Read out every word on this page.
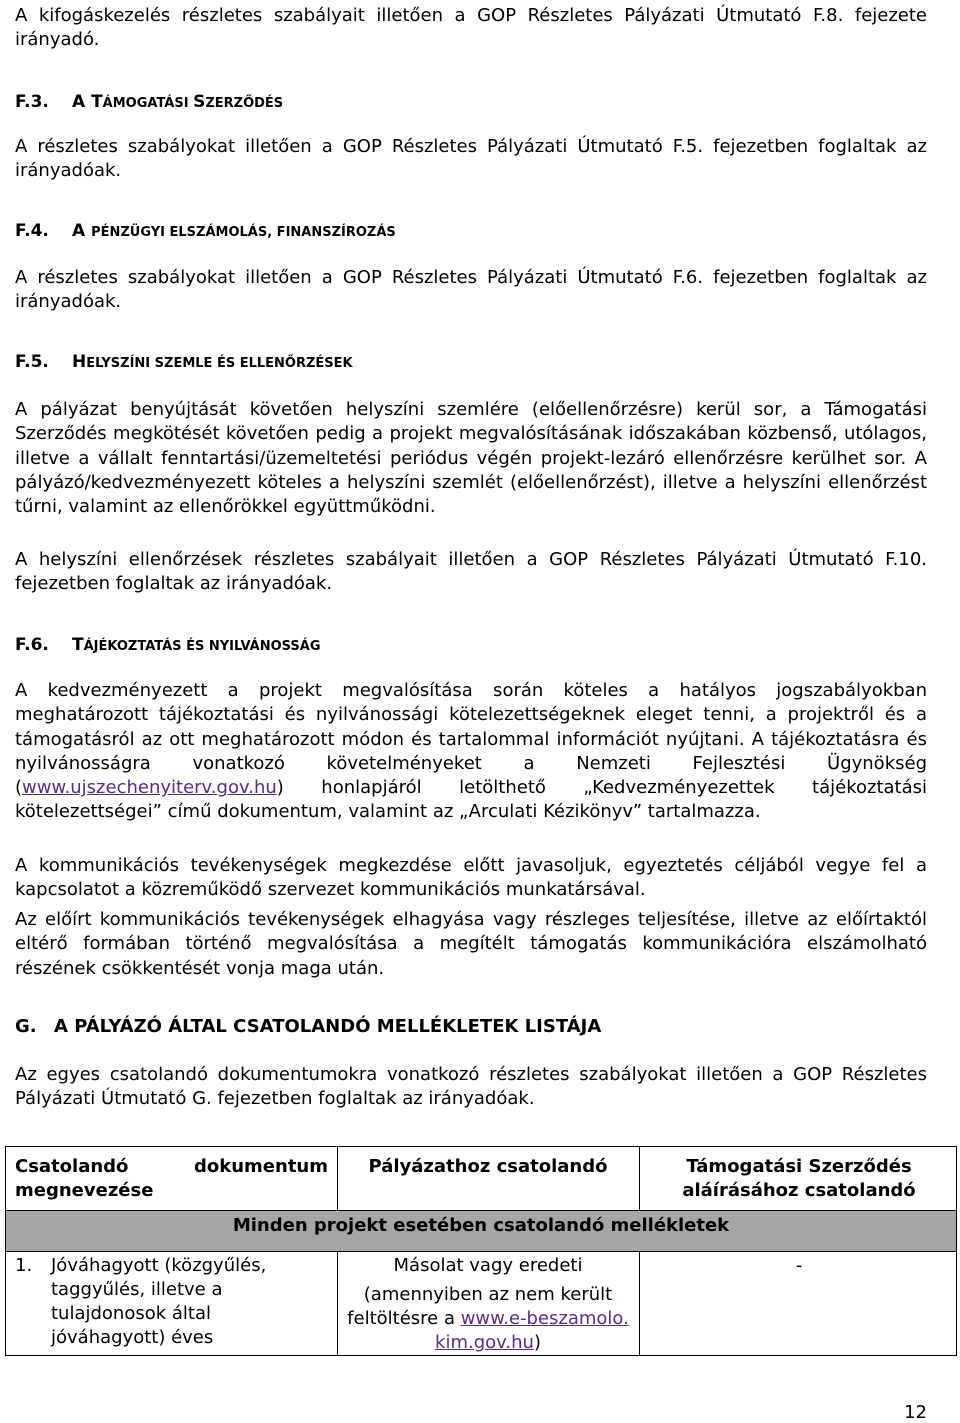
A kifogáskezelés részletes szabályait illetően a GOP Részletes Pályázati Útmutató F.8. fejezete irányadó.

F.3. A TÁMOGATÁSI SZERZŐDÉS

A részletes szabályokat illetően a GOP Részletes Pályázati Útmutató F.5. fejezetben foglaltak az irányadóak.

F.4. A PÉNZÜGYI ELSZÁMOLÁS, FINANSZÍROZÁS

A részletes szabályokat illetően a GOP Részletes Pályázati Útmutató F.6. fejezetben foglaltak az irányadóak.

F.5. HELYSZÍNI SZEMLE ÉS ELLENŐRZÉSEK

A pályázat benyújtását követően helyszíni szemlére (előellenőrzésre) kerül sor, a Támogatási Szerződés megkötését követően pedig a projekt megvalósításának időszakában közbenső, utólagos, illetve a vállalt fenntartási/üzemeltetési periódus végén projekt-lezáró ellenőrzésre kerülhet sor. A pályázó/kedvezményezett köteles a helyszíni szemlét (előellenőrzést), illetve a helyszíni ellenőrzést tűrni, valamint az ellenőrökkel együttműködni.

A helyszíni ellenőrzések részletes szabályait illetően a GOP Részletes Pályázati Útmutató F.10. fejezetben foglaltak az irányadóak.

F.6. TÁJÉKOZTATÁS ÉS NYILVÁNOSSÁG

A kedvezményezett a projekt megvalósítása során köteles a hatályos jogszabályokban meghatározott tájékoztatási és nyilvánossági kötelezettségeknek eleget tenni, a projektről és a támogatásról az ott meghatározott módon és tartalommal információt nyújtani. A tájékoztatásra és nyilvánosságra vonatkozó követelményeket a Nemzeti Fejlesztési Ügynökség (www.ujszechenyiterv.gov.hu) honlapjáról letölthető „Kedvezményezettek tájékoztatási kötelezettségei” című dokumentum, valamint az „Arculati Kézikönyv” tartalmazza.

A kommunikációs tevékenységek megkezdése előtt javasoljuk, egyeztetés céljából vegye fel a kapcsolatot a közreműködő szervezet kommunikációs munkatársával.

Az előírt kommunikációs tevékenységek elhagyása vagy részleges teljesítése, illetve az előírtaktól eltérő formában történő megvalósítása a megítélt támogatás kommunikációra elszámolható részének csökkentését vonja maga után.

G. A PÁLYÁZÓ ÁLTAL CSATOLANDÓ MELLÉKLETEK LISTÁJA

Az egyes csatolandó dokumentumokra vonatkozó részletes szabályokat illetően a GOP Részletes Pályázati Útmutató G. fejezetben foglaltak az irányadóak.

Csatolandó dokumentum megnevezése
Pályázathoz csatolandó	Támogatási Szerződés aláírásához csatolandó
Minden projekt esetében csatolandó mellékletek
1.	Jóváhagyott (közgyűlés, taggyűlés, illetve a tulajdonosok által jóváhagyott) éves
Másolat vagy eredeti
(amennyiben az nem került feltöltésre a www.e-beszamolo.kim.gov.hu)
-
12
